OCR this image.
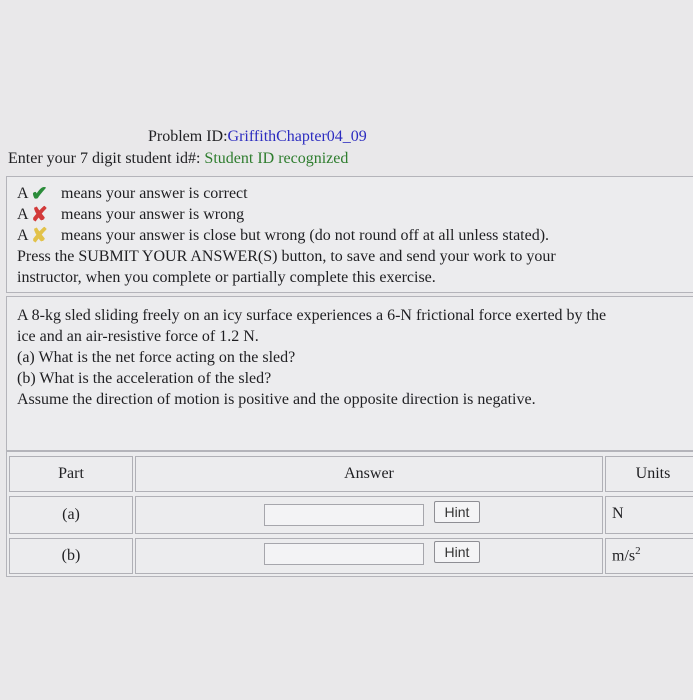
Problem ID:GriffithChapter04_09
Enter your 7 digit student id#: Student ID recognized
A ✔ means your answer is correct
A ✘ means your answer is wrong
A ✘ means your answer is close but wrong (do not round off at all unless stated).
Press the SUBMIT YOUR ANSWER(S) button, to save and send your work to your
instructor, when you complete or partially complete this exercise.
A 8-kg sled sliding freely on an icy surface experiences a 6-N frictional force exerted by the
ice and an air-resistive force of 1.2 N.
(a) What is the net force acting on the sled?
(b) What is the acceleration of the sled?
Assume the direction of motion is positive and the opposite direction is negative.
Part	Answer	Units
(a)	Hint	N
(b)	Hint	$m/s^2$
